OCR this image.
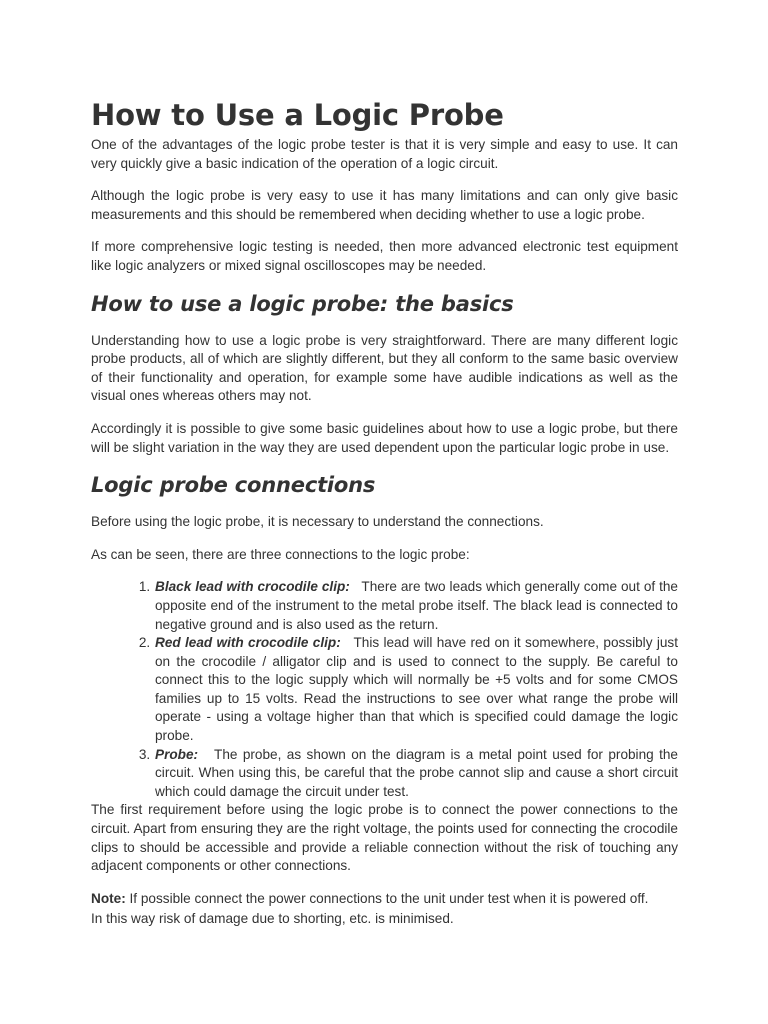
How to Use a Logic Probe

One of the advantages of the logic probe tester is that it is very simple and easy to use. It can very quickly give a basic indication of the operation of a logic circuit.

Although the logic probe is very easy to use it has many limitations and can only give basic measurements and this should be remembered when deciding whether to use a logic probe.

If more comprehensive logic testing is needed, then more advanced electronic test equipment like logic analyzers or mixed signal oscilloscopes may be needed.

How to use a logic probe: the basics

Understanding how to use a logic probe is very straightforward. There are many different logic probe products, all of which are slightly different, but they all conform to the same basic overview of their functionality and operation, for example some have audible indications as well as the visual ones whereas others may not.

Accordingly it is possible to give some basic guidelines about how to use a logic probe, but there will be slight variation in the way they are used dependent upon the particular logic probe in use.

Logic probe connections

Before using the logic probe, it is necessary to understand the connections.

As can be seen, there are three connections to the logic probe:

1. Black lead with crocodile clip: There are two leads which generally come out of the opposite end of the instrument to the metal probe itself. The black lead is connected to negative ground and is also used as the return.
2. Red lead with crocodile clip: This lead will have red on it somewhere, possibly just on the crocodile / alligator clip and is used to connect to the supply. Be careful to connect this to the logic supply which will normally be +5 volts and for some CMOS families up to 15 volts. Read the instructions to see over what range the probe will operate - using a voltage higher than that which is specified could damage the logic probe.
3. Probe: The probe, as shown on the diagram is a metal point used for probing the circuit. When using this, be careful that the probe cannot slip and cause a short circuit which could damage the circuit under test.

The first requirement before using the logic probe is to connect the power connections to the circuit. Apart from ensuring they are the right voltage, the points used for connecting the crocodile clips to should be accessible and provide a reliable connection without the risk of touching any adjacent components or other connections.

Note: If possible connect the power connections to the unit under test when it is powered off.

In this way risk of damage due to shorting, etc. is minimised.
